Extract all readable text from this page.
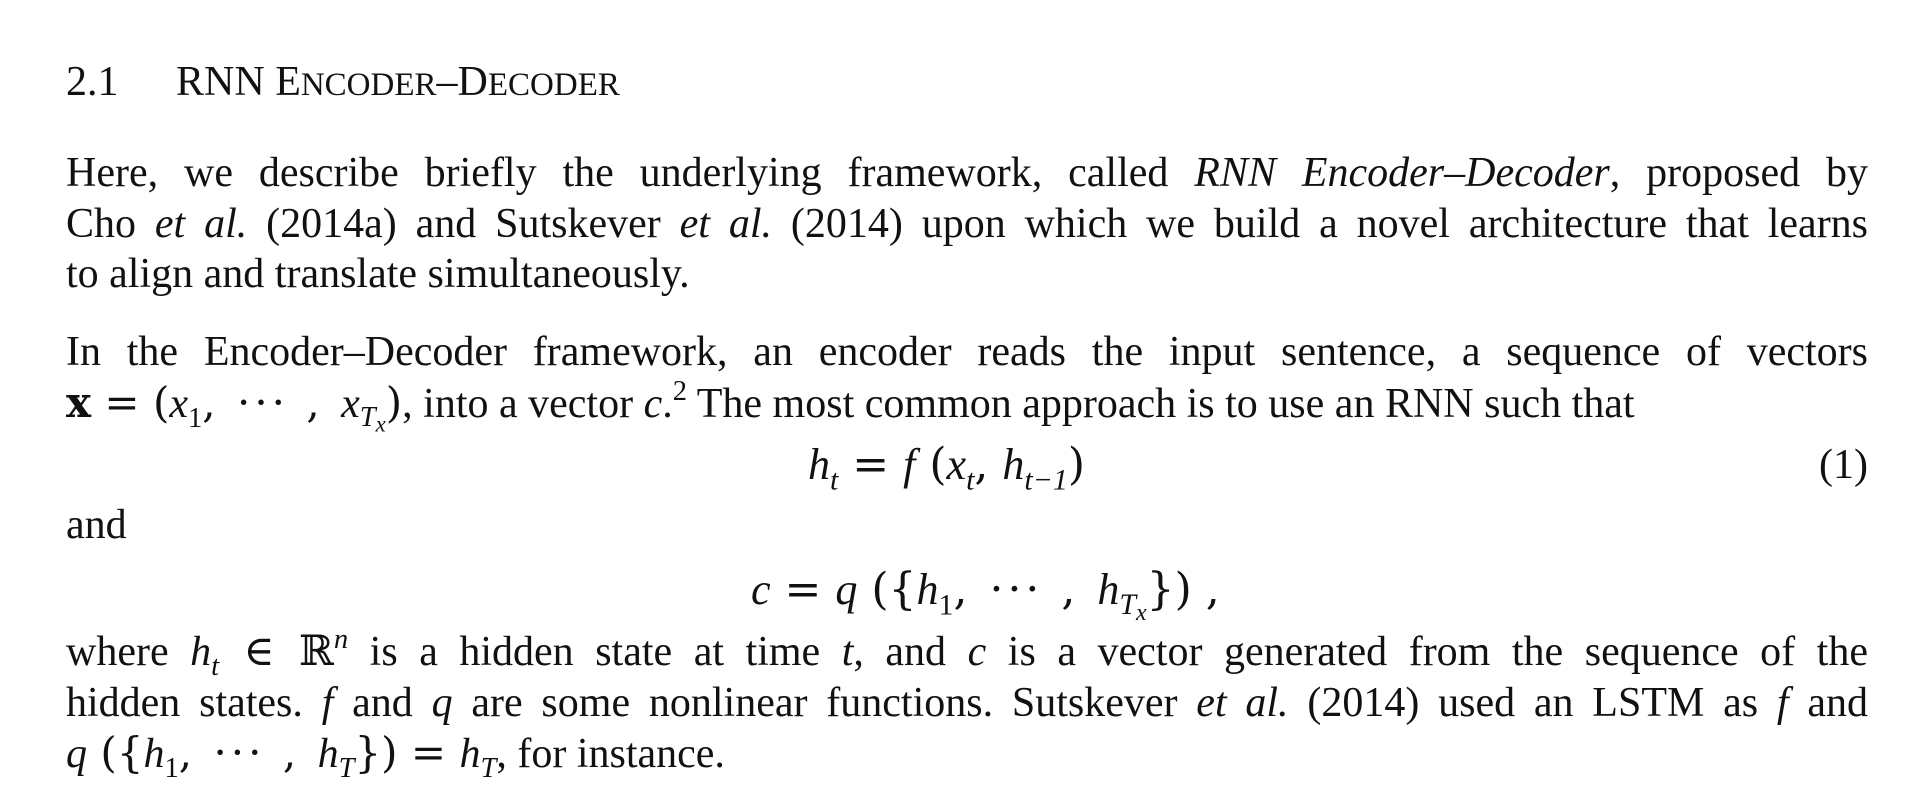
2.1 RNN ENCODER–DECODER
Here, we describe briefly the underlying framework, called RNN Encoder–Decoder, proposed by
Cho et al. (2014a) and Sutskever et al. (2014) upon which we build a novel architecture that learns
to align and translate simultaneously.
In the Encoder–Decoder framework, an encoder reads the input sentence, a sequence of vectors
$x = (x_1$, ··· , $x_{T_x}$), into a vector c.$^2$ The most common approach is to use an RNN such that
$h_t = f$ ($x_t$, $h_{t-1}$)	(1)
and
c = q ({$h_1$, ··· , $h_{T_x}$}) ,
where $h_t$ ∈ ℝ$^n$ is a hidden state at time t, and c is a vector generated from the sequence of the
hidden states. f and q are some nonlinear functions. Sutskever et al. (2014) used an LSTM as f and
q ({$h_1$, ··· , $h_T\}) = h_T$, for instance.
